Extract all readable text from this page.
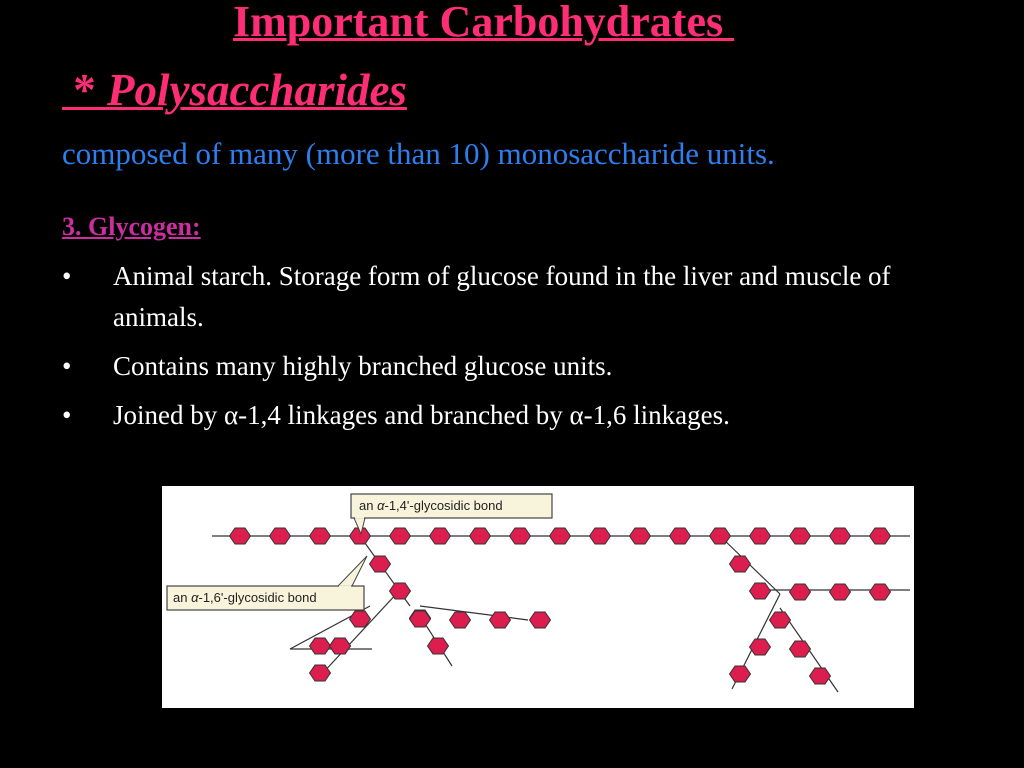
Important Carbohydrates
* Polysaccharides
composed of many (more than 10) monosaccharide units.
3. Glycogen:
• Animal starch. Storage form of glucose found in the liver and muscle of animals.
• Contains many highly branched glucose units.
• Joined by α-1,4 linkages and branched by α-1,6 linkages.
an α-1,4'-glycosidic bond
an α-1,6'-glycosidic bond
